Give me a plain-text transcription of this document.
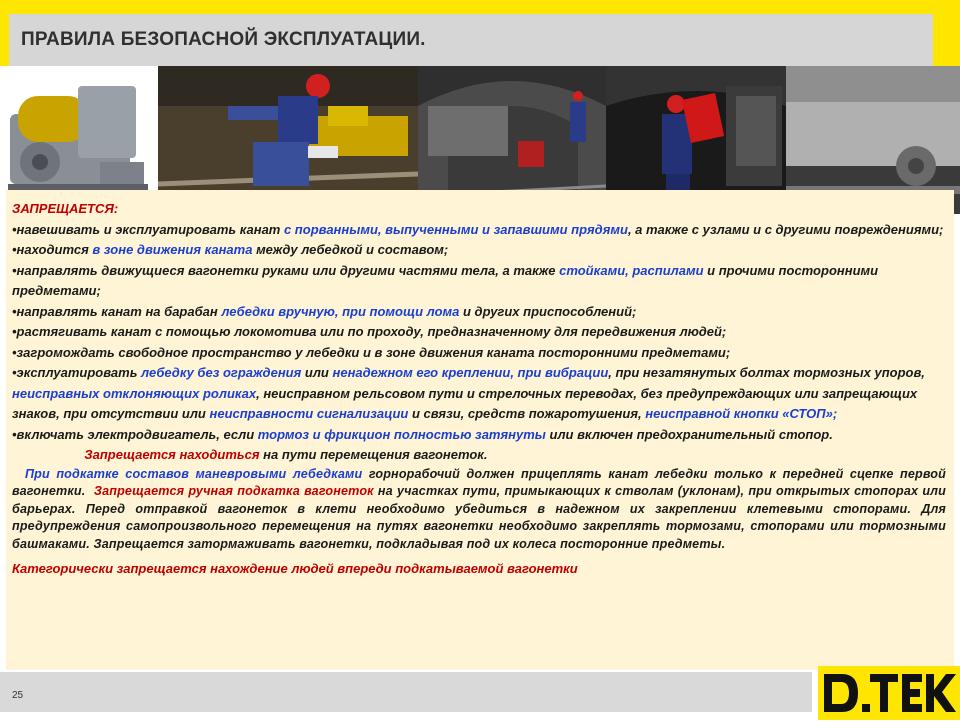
ПРАВИЛА БЕЗОПАСНОЙ ЭКСПЛУАТАЦИИ.

ЗАПРЕЩАЕТСЯ:

•навешивать и эксплуатировать канат с порванными, выпученными и запавшими прядями, а также с узлами и с другими повреждениями;

•находится в зоне движения каната между лебедкой и составом;

•направлять движущиеся вагонетки руками или другими частями тела, а также стойками, распилами и прочими посторонними предметами;

•направлять канат на барабан лебедки вручную, при помощи лома и других приспособлений;

•растягивать канат с помощью локомотива или по проходу, предназначенному для передвижения людей;

•загромождать свободное пространство у лебедки и в зоне движения каната посторонними предметами;

•эксплуатировать лебедку без ограждения или ненадежном его креплении, при вибрации, при незатянутых болтах тормозных упоров, неисправных отклоняющих роликах, неисправном рельсовом пути и стрелочных переводах, без предупреждающих или запрещающих знаков, при отсутствии или неисправности сигнализации и связи, средств пожаротушения, неисправной кнопки «СТОП»;

•включать электродвигатель, если тормоз и фрикцион полностью затянуты или включен предохранительный стопор.                    Запрещается находиться на пути перемещения вагонеток.

При подкатке составов маневровыми лебедками горнорабочий должен прицеплять канат лебедки только к передней сцепке первой вагонетки.  Запрещается ручная подкатка вагонеток на участках пути, примыкающих к стволам (уклонам), при открытых стопорах или барьерах. Перед отправкой вагонеток в клети необходимо убедиться в надежном их закреплении клетевыми стопорами. Для предупреждения самопроизвольного перемещения на путях вагонетки необходимо закреплять тормозами, стопорами или тормозными башмаками. Запрещается затормаживать вагонетки, подкладывая под их колеса посторонние предметы.

Категорически запрещается нахождение людей впереди подкатываемой вагонетки

25
